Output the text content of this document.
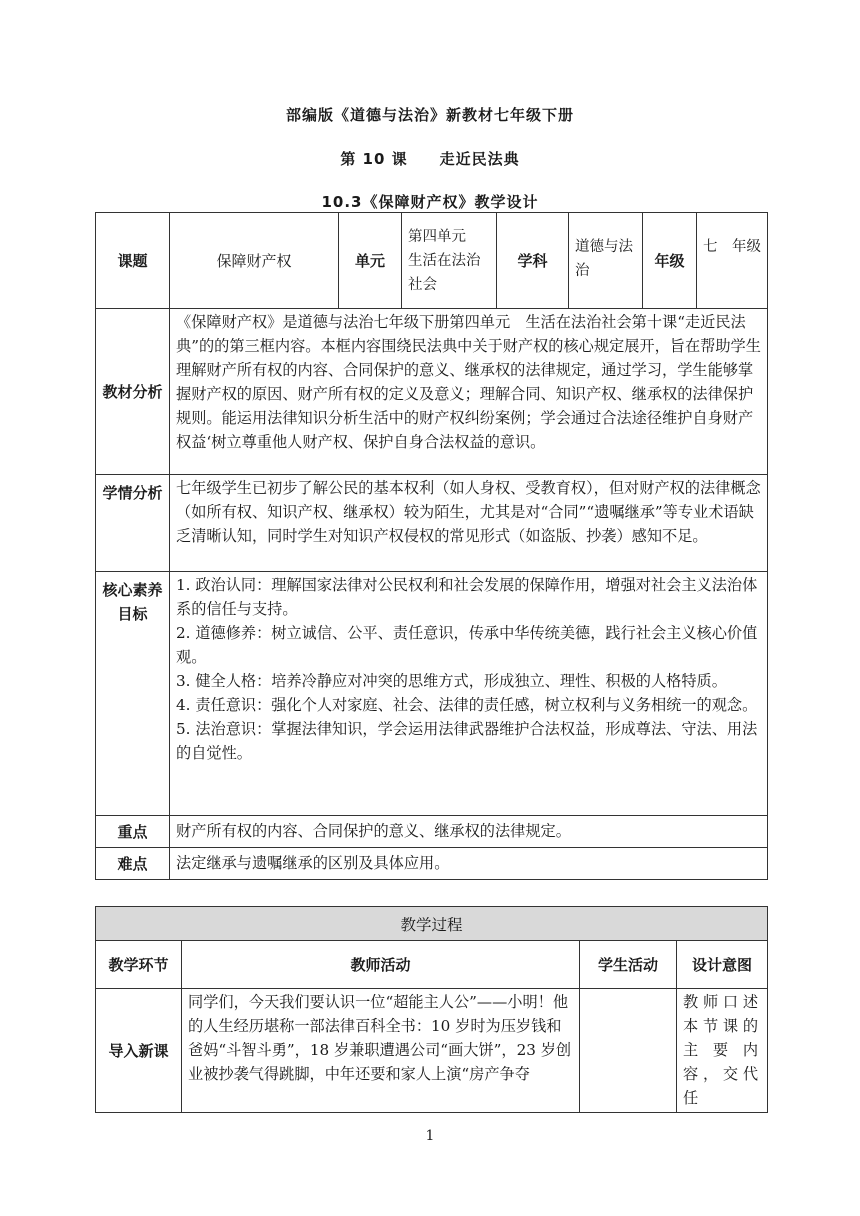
部编版《道德与法治》新教材七年级下册
第 10 课　　走近民法典
10.3《保障财产权》教学设计
课题	保障财产权	单元	第四单元　生活在法治社会	学科	道德与法治	年级	七　年级
教材分析	《保障财产权》是道德与法治七年级下册第四单元　生活在法治社会第十课“走近民法典”的的第三框内容。本框内容围绕民法典中关于财产权的核心规定展开，旨在帮助学生理解财产所有权的内容、合同保护的意义、继承权的法律规定，通过学习，学生能够掌握财产权的原因、财产所有权的定义及意义；理解合同、知识产权、继承权的法律保护规则。能运用法律知识分析生活中的财产权纠纷案例；学会通过合法途径维护自身财产权益‘树立尊重他人财产权、保护自身合法权益的意识。						
学情分析	七年级学生已初步了解公民的基本权利（如人身权、受教育权），但对财产权的法律概念（如所有权、知识产权、继承权）较为陌生，尤其是对“合同”“遗嘱继承”等专业术语缺乏清晰认知，同时学生对知识产权侵权的常见形式（如盗版、抄袭）感知不足。						
核心素养目标	1. 政治认同：理解国家法律对公民权利和社会发展的保障作用，增强对社会主义法治体系的信任与支持。

2. 道德修养：树立诚信、公平、责任意识，传承中华传统美德，践行社会主义核心价值观。

3. 健全人格：培养冷静应对冲突的思维方式，形成独立、理性、积极的人格特质。

4. 责任意识：强化个人对家庭、社会、法律的责任感，树立权利与义务相统一的观念。

5. 法治意识：掌握法律知识，学会运用法律武器维护合法权益，形成尊法、守法、用法的自觉性。						

重点	财产所有权的内容、合同保护的意义、继承权的法律规定。						
难点	法定继承与遗嘱继承的区别及具体应用。						
教学过程			
教学环节	教师活动	学生活动	设计意图
导入新课	同学们，今天我们要认识一位“超能主人公”——小明！他的人生经历堪称一部法律百科全书：10 岁时为压岁钱和爸妈“斗智斗勇”，18 岁兼职遭遇公司“画大饼”，23 岁创业被抄袭气得跳脚，中年还要和家人上演“房产争夺		教师口述本节课的主要内容，交代任
1
